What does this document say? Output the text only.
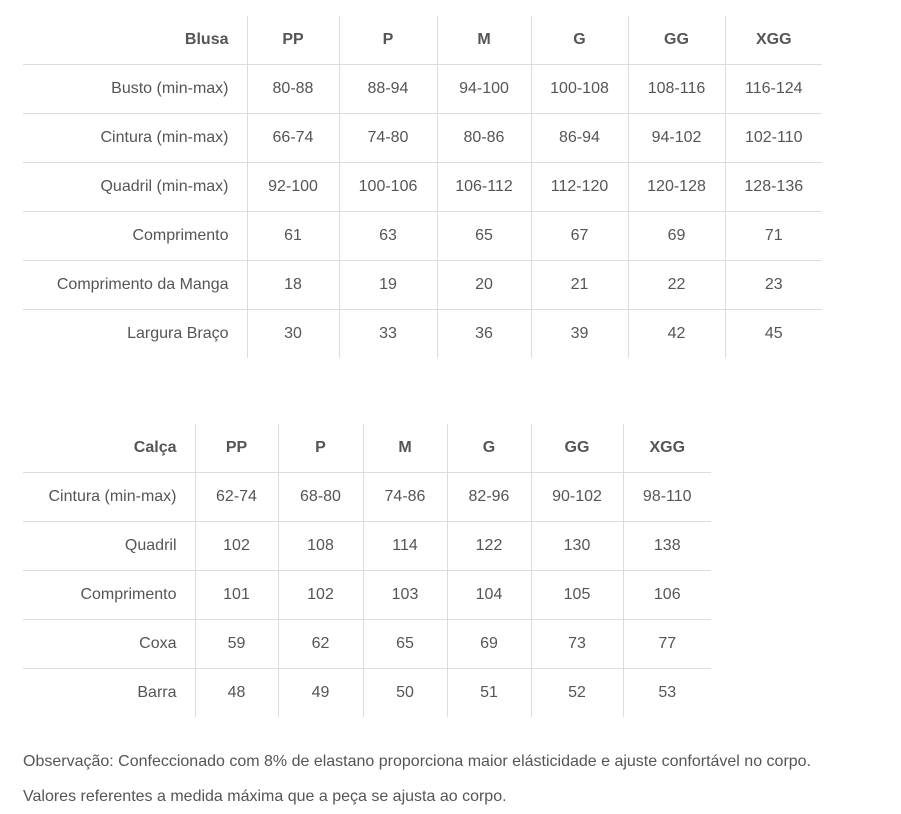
Blusa	PP	P	M	G	GG	XGG
Busto (min-max)	80-88	88-94	94-100	100-108	108-116	116-124
Cintura (min-max)	66-74	74-80	80-86	86-94	94-102	102-110
Quadril (min-max)	92-100	100-106	106-112	112-120	120-128	128-136
Comprimento	61	63	65	67	69	71
Comprimento da Manga	18	19	20	21	22	23
Largura Braço	30	33	36	39	42	45
Calça	PP	P	M	G	GG	XGG
Cintura (min-max)	62-74	68-80	74-86	82-96	90-102	98-110
Quadril	102	108	114	122	130	138
Comprimento	101	102	103	104	105	106
Coxa	59	62	65	69	73	77
Barra	48	49	50	51	52	53

Observação: Confeccionado com 8% de elastano proporciona maior elásticidade e ajuste confortável no corpo.

Valores referentes a medida máxima que a peça se ajusta ao corpo.
